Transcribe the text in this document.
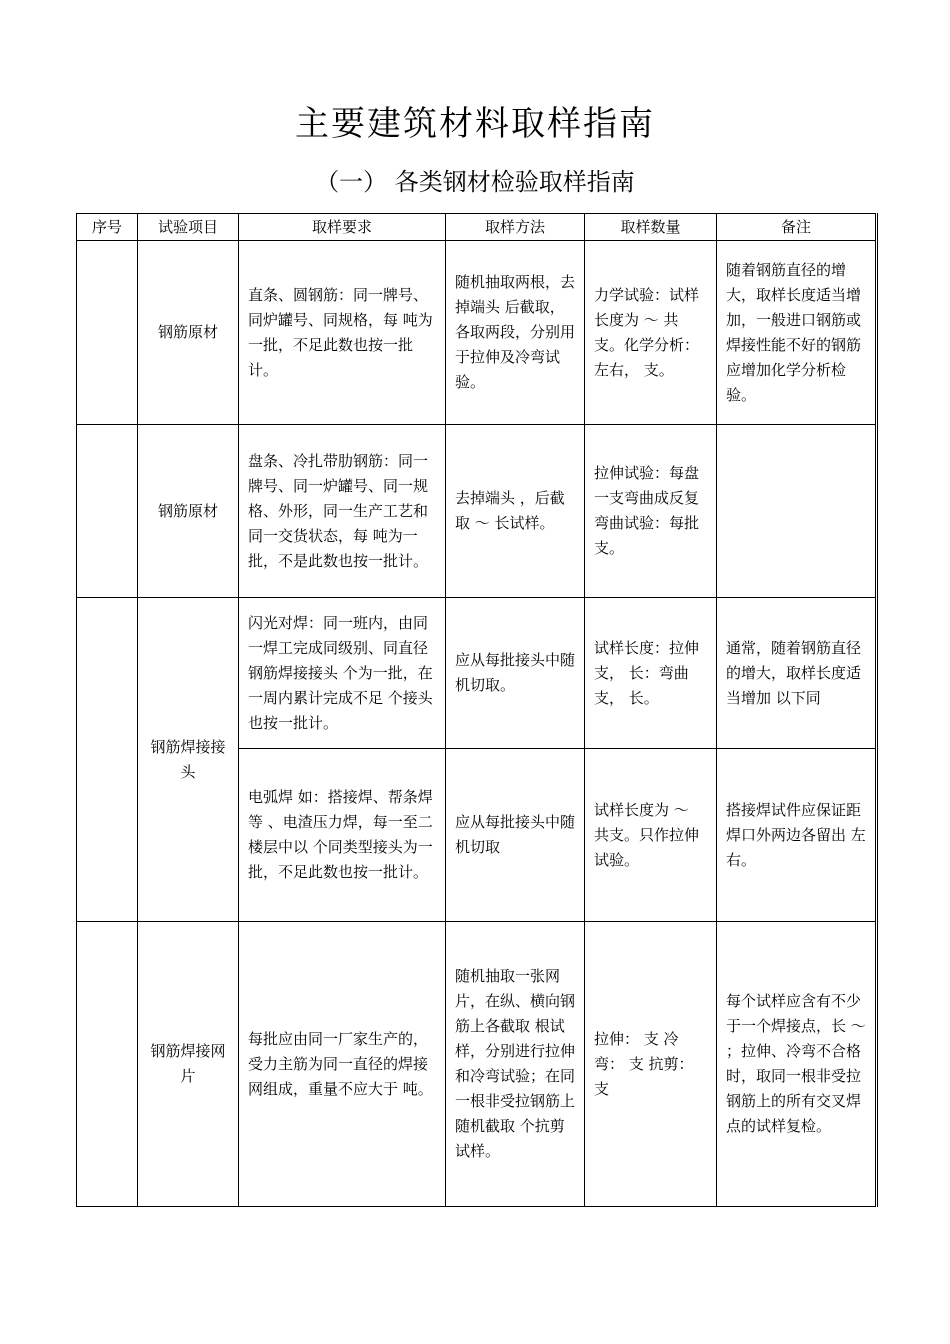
主要建筑材料取样指南
（一） 各类钢材检验取样指南
序号	试验项目	取样要求	取样方法	取样数量	备注
	钢筋原材	直条、圆钢筋：同一牌号、同炉罐号、同规格，每 吨为一批，不足此数也按一批计。	随机抽取两根，去掉端头 后截取，各取两段，分别用于拉伸及冷弯试验。	力学试验：试样长度为 ～ 共 支。化学分析： 左右， 支。	随着钢筋直径的增大，取样长度适当增加，一般进口钢筋或焊接性能不好的钢筋应增加化学分析检验。
	钢筋原材	盘条、冷扎带肋钢筋：同一牌号、同一炉罐号、同一规格、外形，同一生产工艺和同一交货状态，每 吨为一批，不是此数也按一批计。	去掉端头 ，后截取 ～ 长试样。	拉伸试验：每盘一支弯曲成反复弯曲试验：每批 支。	
	钢筋焊接接头	闪光对焊：同一班内，由同一焊工完成同级别、同直径钢筋焊接接头 个为一批，在一周内累计完成不足 个接头也按一批计。	应从每批接头中随机切取。	试样长度：拉伸 支， 长：弯曲 支， 长。	通常，随着钢筋直径的增大，取样长度适当增加 以下同
		电弧焊 如：搭接焊、帮条焊等 、电渣压力焊，每一至二楼层中以 个同类型接头为一批，不足此数也按一批计。	应从每批接头中随机切取	试样长度为 ～ 共支。只作拉伸试验。	搭接焊试件应保证距焊口外两边各留出 左右。
	钢筋焊接网片	每批应由同一厂家生产的，受力主筋为同一直径的焊接网组成，重量不应大于 吨。	随机抽取一张网片，在纵、横向钢筋上各截取 根试样，分别进行拉伸和冷弯试验；在同一根非受拉钢筋上随机截取 个抗剪试样。	拉伸： 支 冷弯： 支 抗剪： 支	每个试样应含有不少于一个焊接点，长 ～ ；拉伸、冷弯不合格时，取同一根非受拉钢筋上的所有交叉焊点的试样复检。
